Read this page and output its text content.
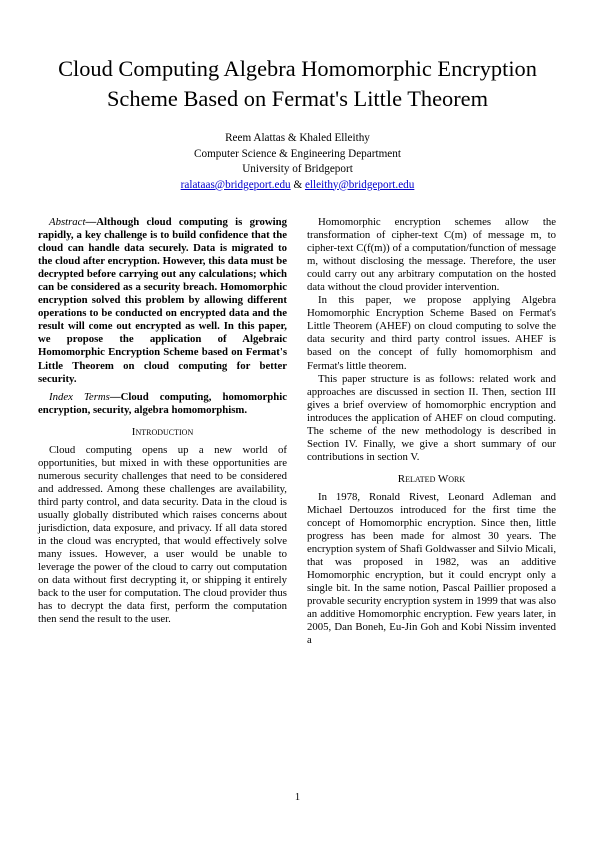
Cloud Computing Algebra Homomorphic Encryption
Scheme Based on Fermat's Little Theorem
Reem Alattas & Khaled Elleithy
Computer Science & Engineering Department
University of Bridgeport
ralataas@bridgeport.edu & elleithy@bridgeport.edu

Abstract—Although cloud computing is growing rapidly, a key challenge is to build confidence that the cloud can handle data securely. Data is migrated to the cloud after encryption. However, this data must be decrypted before carrying out any calculations; which can be considered as a security breach. Homomorphic encryption solved this problem by allowing different operations to be conducted on encrypted data and the result will come out encrypted as well. In this paper, we propose the application of Algebraic Homomorphic Encryption Scheme based on Fermat's Little Theorem on cloud computing for better security.

Index Terms—Cloud computing, homomorphic encryption, security, algebra homomorphism.

Introduction

Cloud computing opens up a new world of opportunities, but mixed in with these opportunities are numerous security challenges that need to be considered and addressed. Among these challenges are availability, third party control, and data security. Data in the cloud is usually globally distributed which raises concerns about jurisdiction, data exposure, and privacy. If all data stored in the cloud was encrypted, that would effectively solve many issues. However, a user would be unable to leverage the power of the cloud to carry out computation on data without first decrypting it, or shipping it entirely back to the user for computation. The cloud provider thus has to decrypt the data first, perform the computation then send the result to the user.

Homomorphic encryption schemes allow the transformation of cipher-text C(m) of message m, to cipher-text C(f(m)) of a computation/function of message m, without disclosing the message. Therefore, the user could carry out any arbitrary computation on the hosted data without the cloud provider intervention.

In this paper, we propose applying Algebra Homomorphic Encryption Scheme Based on Fermat's Little Theorem (AHEF) on cloud computing to solve the data security and third party control issues. AHEF is based on the concept of fully homomorphism and Fermat's little theorem.

This paper structure is as follows: related work and approaches are discussed in section II. Then, section III gives a brief overview of homomorphic encryption and introduces the application of AHEF on cloud computing. The scheme of the new methodology is described in Section IV. Finally, we give a short summary of our contributions in section V.

Related Work

In 1978, Ronald Rivest, Leonard Adleman and Michael Dertouzos introduced for the first time the concept of Homomorphic encryption. Since then, little progress has been made for almost 30 years. The encryption system of Shafi Goldwasser and Silvio Micali, that was proposed in 1982, was an additive Homomorphic encryption, but it could encrypt only a single bit. In the same notion, Pascal Paillier proposed a provable security encryption system in 1999 that was also an additive Homomorphic encryption. Few years later, in 2005, Dan Boneh, Eu-Jin Goh and Kobi Nissim invented a

1
